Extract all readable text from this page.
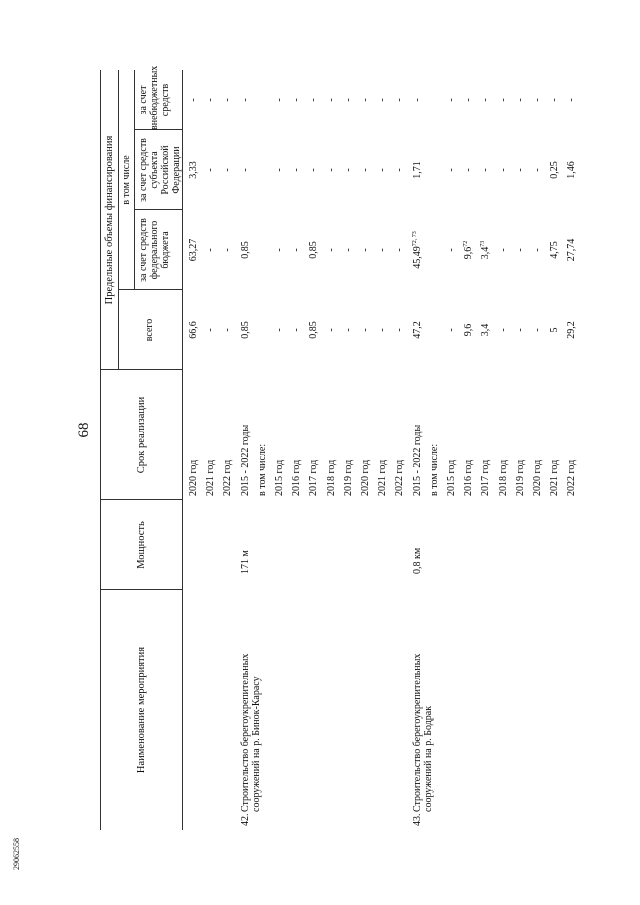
68
Наименование мероприятия
Мощность
Срок реализации
Предельные объемы финансирования
всего
в том числе
за счет средств федерального бюджета
за счет средств субъекта Российской Федерации
за счет внебюджетных средств
2020 год
66,6
63,27
3,33
-
2021 год
-
-
-
-
2022 год
-
-
-
-
42.
Строительство берегоукрепительных сооружений на р. Бинок-Карасу
171 м
2015 - 2022 годы
0,85
0,85
-
-
в том числе: 2015 год
-
-
-
-
2016 год
-
-
-
-
2017 год
0,85
0,85
-
-
2018 год
-
-
-
-
2019 год
-
-
-
-
2020 год
-
-
-
-
2021 год
-
-
-
-
2022 год
-
-
-
-
43.
Строительство берегоукрепительных сооружений на р. Бодрак
0,8 км
2015 - 2022 годы
47,2
45,49$^{72, 73}$
1,71
-
в том числе: 2015 год
-
-
-
-
2016 год
9,6
$9,6^{72}$
-
-
2017 год
3,4
$3,4^{73}$
-
-
2018 год
-
-
-
-
2019 год
-
-
-
-
2020 год
-
-
-
-
2021 год
5
4,75
0,25
-
2022 год
29,2
27,74
1,46
-
29062558
